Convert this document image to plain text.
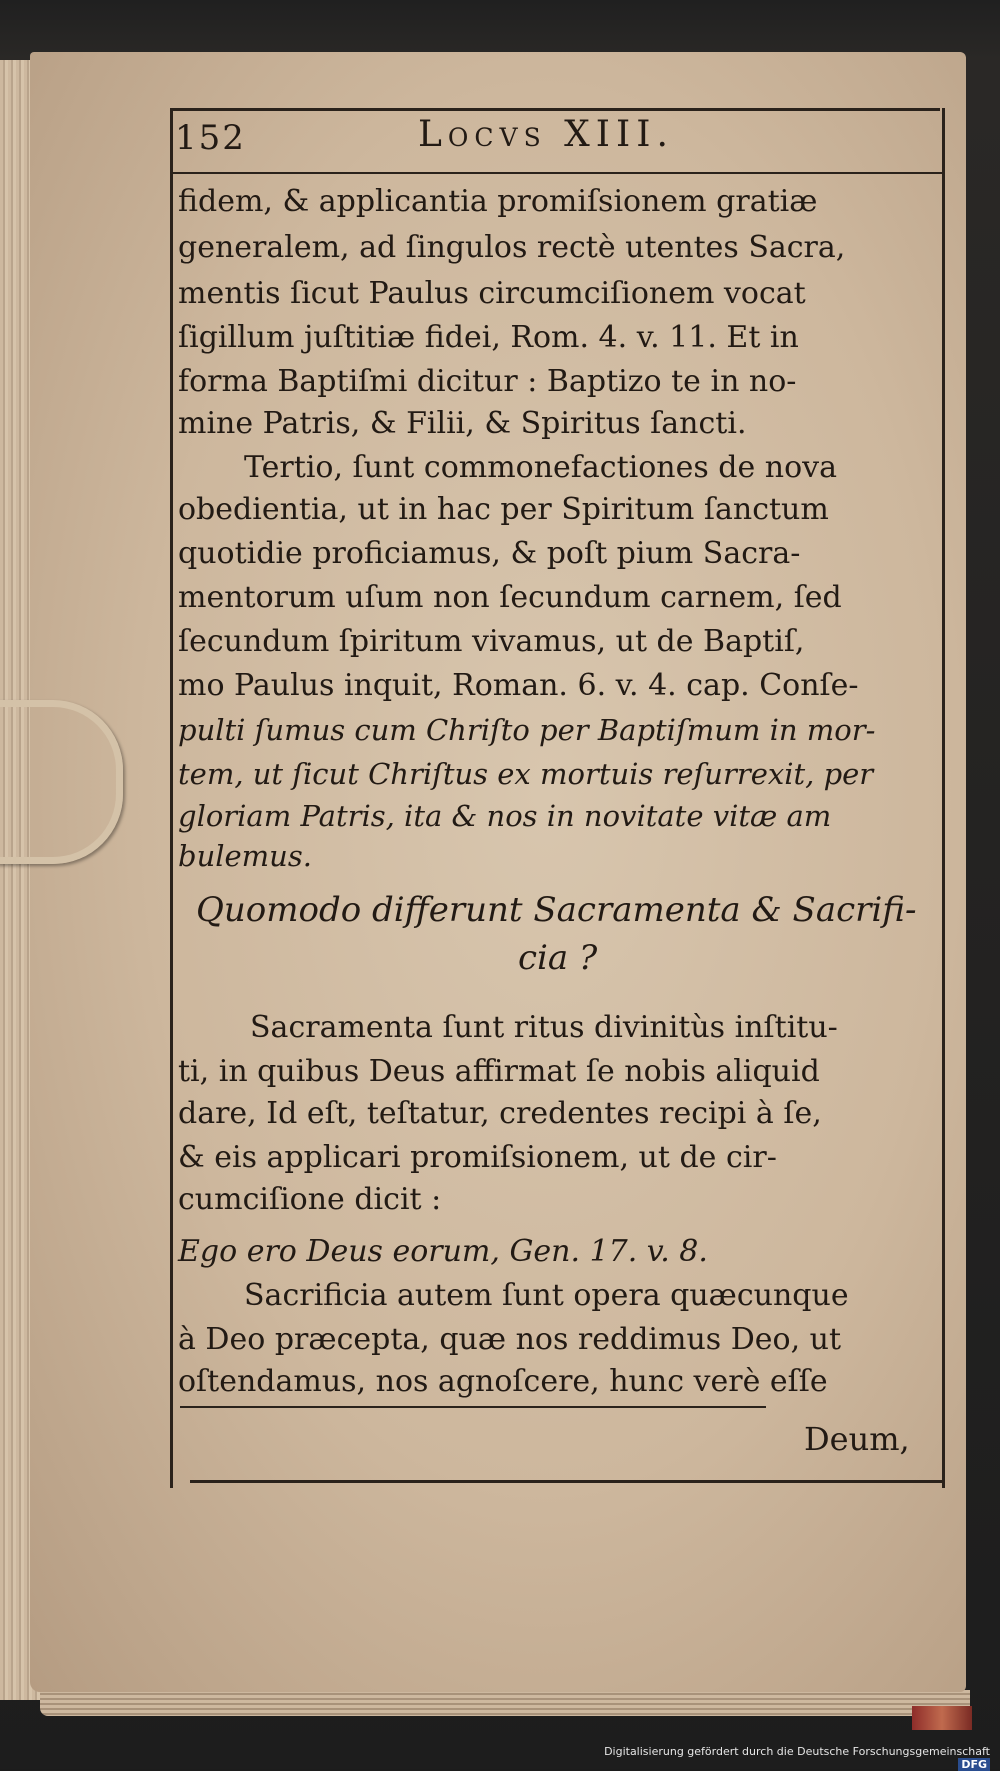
152	Locvs XIII.
fidem, & applicantia promiſsionem gratiæ
generalem, ad ſingulos rectè utentes Sacra,
mentis ſicut Paulus circumciſionem vocat
ſigillum juſtitiæ fidei, Rom. 4. v. 11. Et in
forma Baptiſmi dicitur : Baptizo te in no-
mine Patris, & Filii, & Spiritus ſancti.
Tertio, ſunt commonefactiones de nova
obedientia, ut in hac per Spiritum ſanctum
quotidie proficiamus, & poſt pium Sacra-
mentorum uſum non ſecundum carnem, ſed
ſecundum ſpiritum vivamus, ut de Baptiſ,
mo Paulus inquit, Roman. 6. v. 4. cap. Conſe-
pulti ſumus cum Chriſto per Baptiſmum in mor-
tem, ut ſicut Chriſtus ex mortuis reſurrexit, per
gloriam Patris, ita & nos in novitate vitæ am
bulemus.
Quomodo differunt Sacramenta & Sacrifi-
cia ?
Sacramenta ſunt ritus divinitùs inſtitu-
ti, in quibus Deus affirmat ſe nobis aliquid
dare, Id eſt, teſtatur, credentes recipi à ſe,
& eis applicari promiſsionem, ut de cir-
cumciſione dicit :
Ego ero Deus eorum, Gen. 17. v. 8.
Sacrificia autem ſunt opera quæcunque
à Deo præcepta, quæ nos reddimus Deo, ut
oſtendamus, nos agnoſcere, hunc verè eſſe
Deum,
Digitalisierung gefördert durch die Deutsche Forschungsgemeinschaft DFG
